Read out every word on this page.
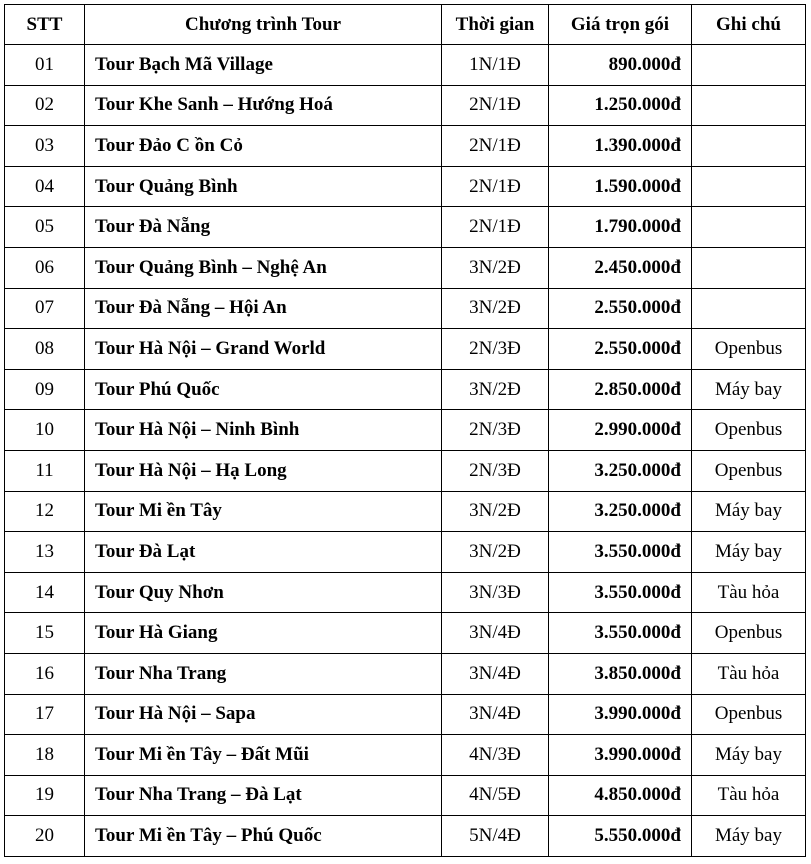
STT	Chương trình Tour	Thời gian	Giá trọn gói	Ghi chú
01	Tour Bạch Mã Village	1N/1Đ	890.000đ	
02	Tour Khe Sanh – Hướng Hoá	2N/1Đ	1.250.000đ	
03	Tour Đảo C ồn Cỏ	2N/1Đ	1.390.000đ	
04	Tour Quảng Bình	2N/1Đ	1.590.000đ	
05	Tour Đà Nẵng	2N/1Đ	1.790.000đ	
06	Tour Quảng Bình – Nghệ An	3N/2Đ	2.450.000đ	
07	Tour Đà Nẵng – Hội An	3N/2Đ	2.550.000đ	
08	Tour Hà Nội – Grand World	2N/3Đ	2.550.000đ	Openbus
09	Tour Phú Quốc	3N/2Đ	2.850.000đ	Máy bay
10	Tour Hà Nội – Ninh Bình	2N/3Đ	2.990.000đ	Openbus
11	Tour Hà Nội – Hạ Long	2N/3Đ	3.250.000đ	Openbus
12	Tour Mi ền Tây	3N/2Đ	3.250.000đ	Máy bay
13	Tour Đà Lạt	3N/2Đ	3.550.000đ	Máy bay
14	Tour Quy Nhơn	3N/3Đ	3.550.000đ	Tàu hỏa
15	Tour Hà Giang	3N/4Đ	3.550.000đ	Openbus
16	Tour Nha Trang	3N/4Đ	3.850.000đ	Tàu hỏa
17	Tour Hà Nội – Sapa	3N/4Đ	3.990.000đ	Openbus
18	Tour Mi ền Tây – Đất Mũi	4N/3Đ	3.990.000đ	Máy bay
19	Tour Nha Trang – Đà Lạt	4N/5Đ	4.850.000đ	Tàu hỏa
20	Tour Mi ền Tây – Phú Quốc	5N/4Đ	5.550.000đ	Máy bay
